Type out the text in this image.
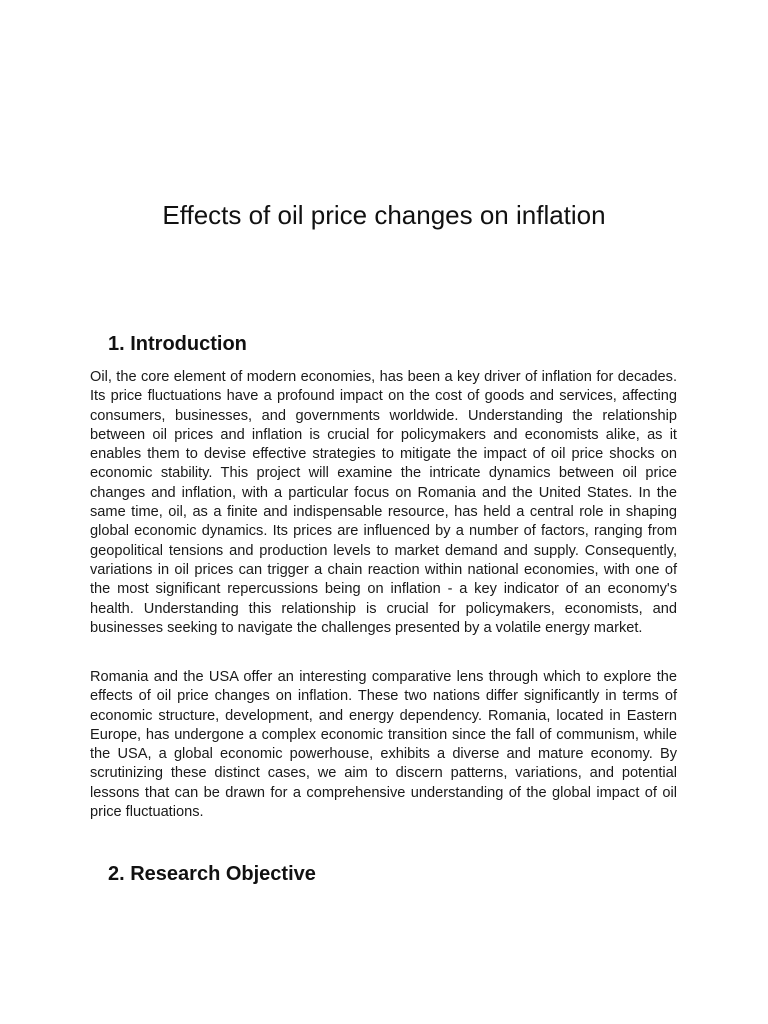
Effects of oil price changes on inflation
1. Introduction

Oil, the core element of modern economies, has been a key driver of inflation for decades. Its price fluctuations have a profound impact on the cost of goods and services, affecting consumers, businesses, and governments worldwide. Understanding the relationship between oil prices and inflation is crucial for policymakers and economists alike, as it enables them to devise effective strategies to mitigate the impact of oil price shocks on economic stability. This project will examine the intricate dynamics between oil price changes and inflation, with a particular focus on Romania and the United States. In the same time, oil, as a finite and indispensable resource, has held a central role in shaping global economic dynamics. Its prices are influenced by a number of factors, ranging from geopolitical tensions and production levels to market demand and supply. Consequently, variations in oil prices can trigger a chain reaction within national economies, with one of the most significant repercussions being on inflation - a key indicator of an economy's health. Understanding this relationship is crucial for policymakers, economists, and businesses seeking to navigate the challenges presented by a volatile energy market.

Romania and the USA offer an interesting comparative lens through which to explore the effects of oil price changes on inflation. These two nations differ significantly in terms of economic structure, development, and energy dependency. Romania, located in Eastern Europe, has undergone a complex economic transition since the fall of communism, while the USA, a global economic powerhouse, exhibits a diverse and mature economy. By scrutinizing these distinct cases, we aim to discern patterns, variations, and potential lessons that can be drawn for a comprehensive understanding of the global impact of oil price fluctuations.

2. Research Objective
